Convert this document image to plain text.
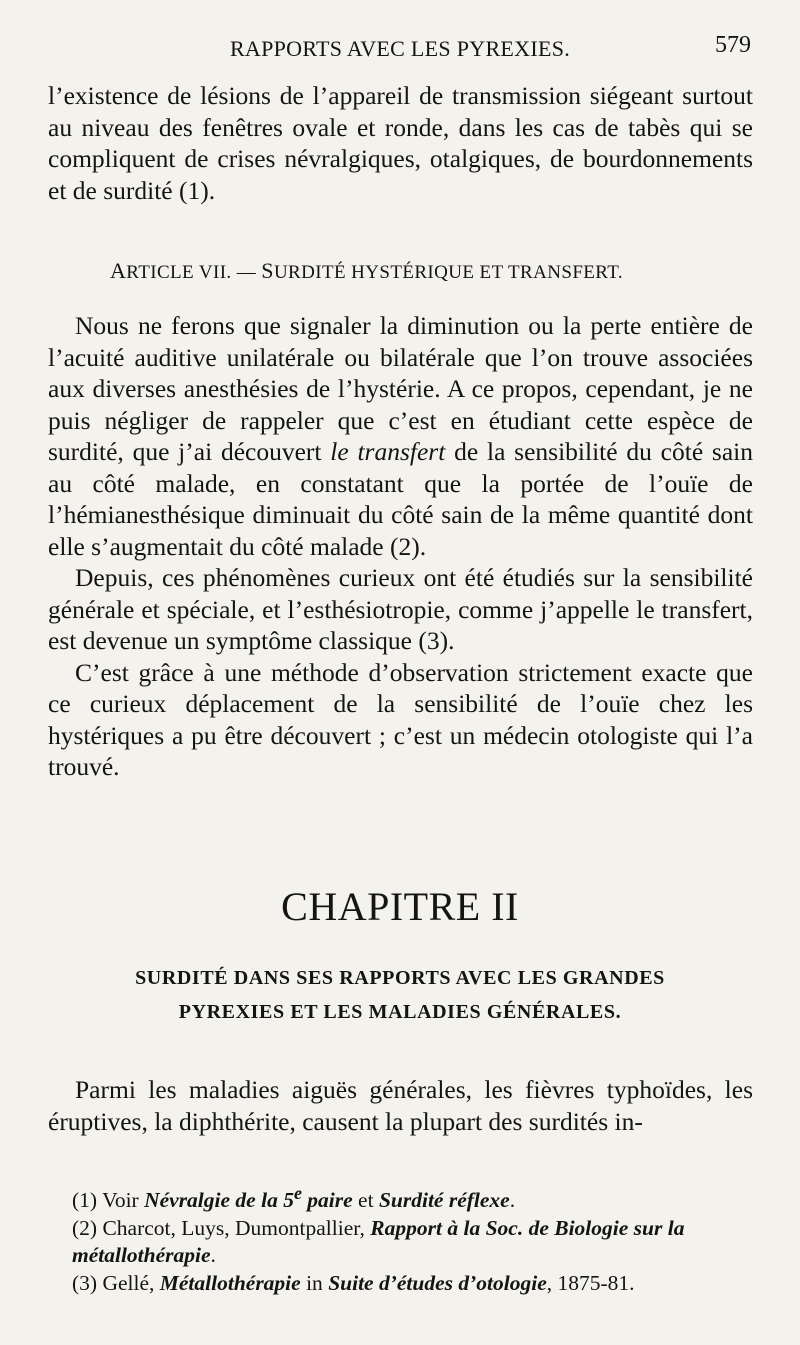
RAPPORTS AVEC LES PYREXIES.	579

l’existence de lésions de l’appareil de transmission siégeant surtout au niveau des fenêtres ovale et ronde, dans les cas de tabès qui se compliquent de crises névralgiques, otalgiques, de bourdonnements et de surdité (1).

ARTICLE VII. — SURDITÉ HYSTÉRIQUE ET TRANSFERT.

Nous ne ferons que signaler la diminution ou la perte entière de l’acuité auditive unilatérale ou bilatérale que l’on trouve associées aux diverses anesthésies de l’hystérie. A ce propos, cependant, je ne puis négliger de rappeler que c’est en étudiant cette espèce de surdité, que j’ai découvert le transfert de la sensibilité du côté sain au côté malade, en constatant que la portée de l’ouïe de l’hémianesthésique diminuait du côté sain de la même quantité dont elle s’augmentait du côté malade (2).

Depuis, ces phénomènes curieux ont été étudiés sur la sensibilité générale et spéciale, et l’esthésiotropie, comme j’appelle le transfert, est devenue un symptôme classique (3).

C’est grâce à une méthode d’observation strictement exacte que ce curieux déplacement de la sensibilité de l’ouïe chez les hystériques a pu être découvert ; c’est un médecin otologiste qui l’a trouvé.

CHAPITRE II
SURDITÉ DANS SES RAPPORTS AVEC LES GRANDES
PYREXIES ET LES MALADIES GÉNÉRALES.

Parmi les maladies aiguës générales, les fièvres typhoïdes, les éruptives, la diphthérite, causent la plupart des surdités in-

(1) Voir Névralgie de la 5e paire et Surdité réflexe.

(2) Charcot, Luys, Dumontpallier, Rapport à la Soc. de Biologie sur la métallothérapie.

(3) Gellé, Métallothérapie in Suite d’études d’otologie, 1875-81.
